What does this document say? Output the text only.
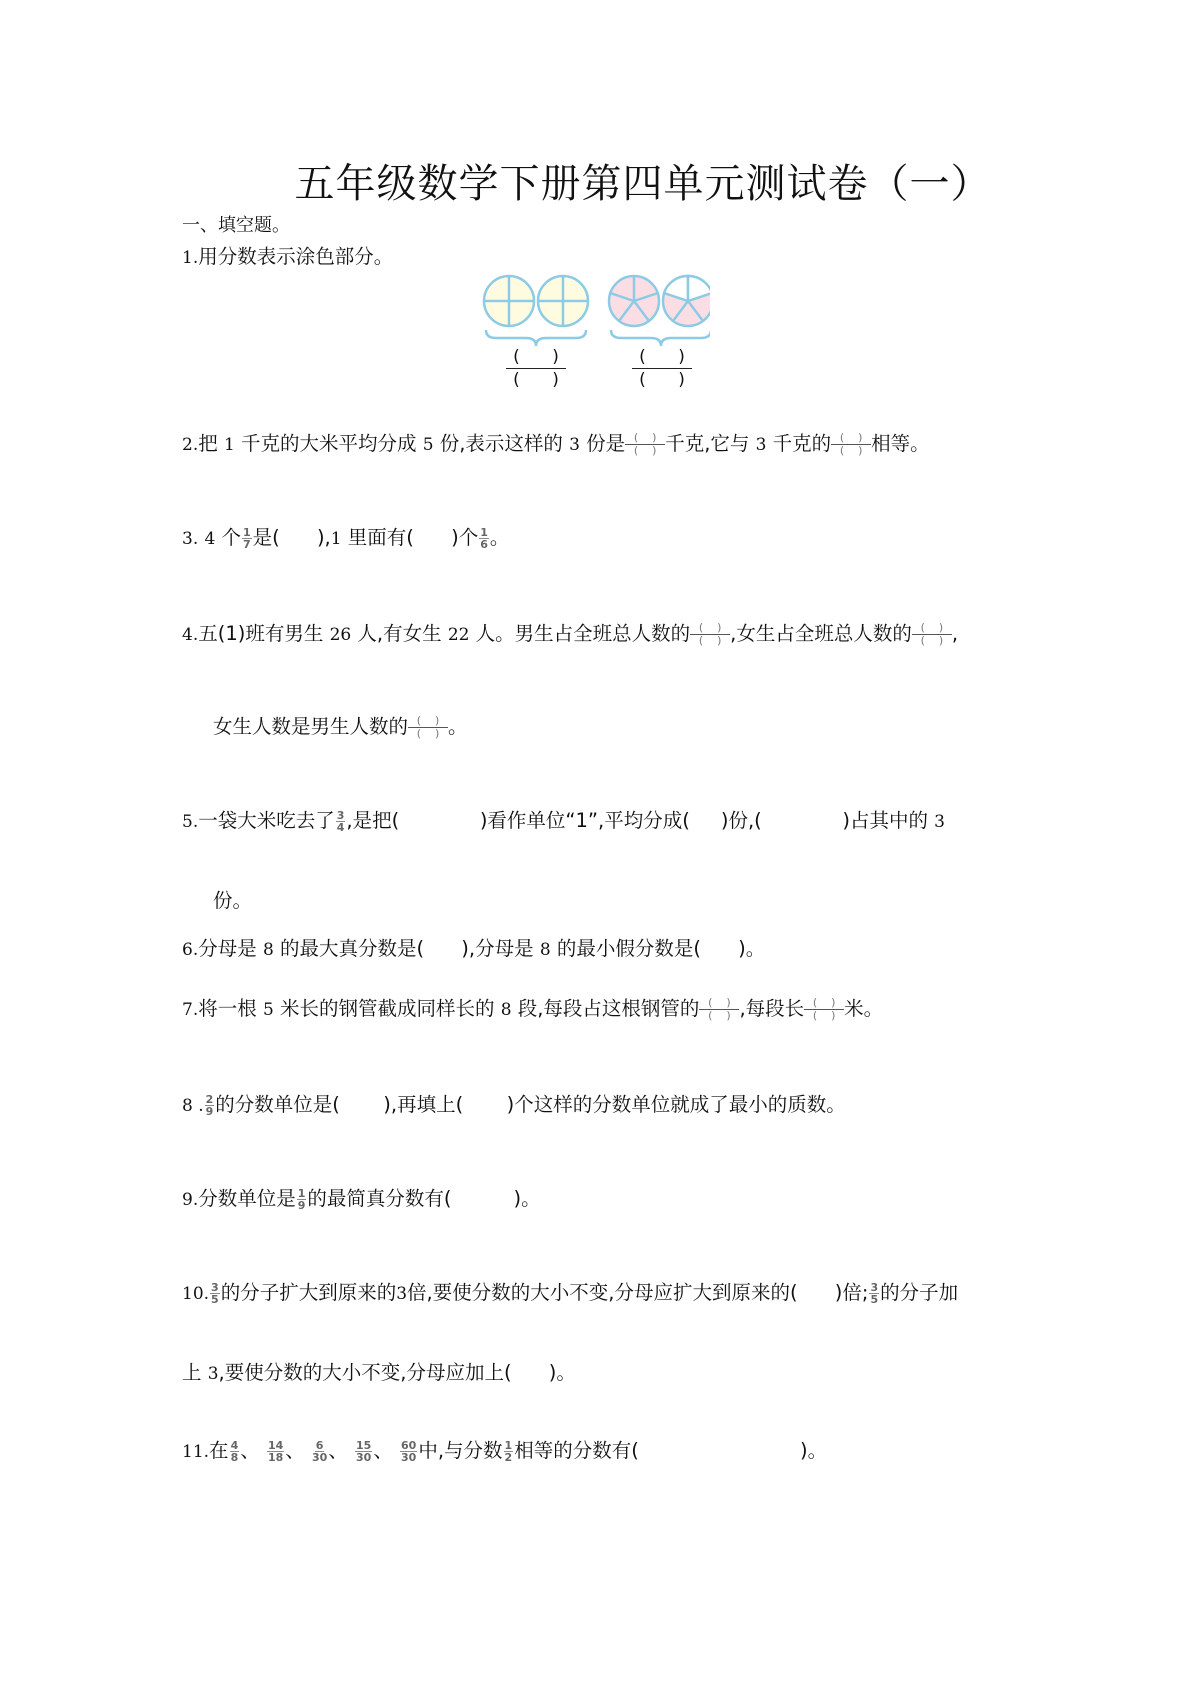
五年级数学下册第四单元测试卷（一）
一、填空题。
1.用分数表示涂色部分。
(      )
(      )
(      )
(      )
2.把 1 千克的大米平均分成 5 份,表示这样的 3 份是 (    )
(    ) 千克,它与 3 千克的 (    )
(    ) 相等。
3. 4 个 $\frac{1}{7}$ 是( ),1 里面有( )个 $\frac{1}{6}$ 。
4.五(1)班有男生 26 人,有女生 22 人。男生占全班总人数的 (    )
(    ) ,女生占全班总人数的 (    )
(    ) ,
女生人数是男生人数的 (    )
(    ) 。
5.一袋大米吃去了 $\frac{3}{4}$ ,是把(	)看作单位“1”,平均分成( )份,(	)占其中的 3
份。
6.分母是 8 的最大真分数是( ),分母是 8 的最小假分数是( )。
7.将一根 5 米长的钢管截成同样长的 8 段,每段占这根钢管的 (    )
(    ) ,每段长 (    )
(    ) 米。
8 . $\frac{2}{9}$ 的分数单位是( ),再填上( )个这样的分数单位就成了最小的质数。
9.分数单位是 $\frac{1}{9}$ 的最简真分数有(	)。
10. $\frac{3}{5}$ 的分子扩大到原来的3倍,要使分数的大小不变,分母应扩大到原来的( )倍; $\frac{3}{5}$ 的分子加
上 3,要使分数的大小不变,分母应加上( )。
11.在 $\frac{4}{8}$ 、 $\frac{14}{18}$ 、 $\frac{6}{30}$ 、 $\frac{15}{30}$ 、 $\frac{60}{30}$ 中,与分数 $\frac{1}{2}$ 相等的分数有(	)。
